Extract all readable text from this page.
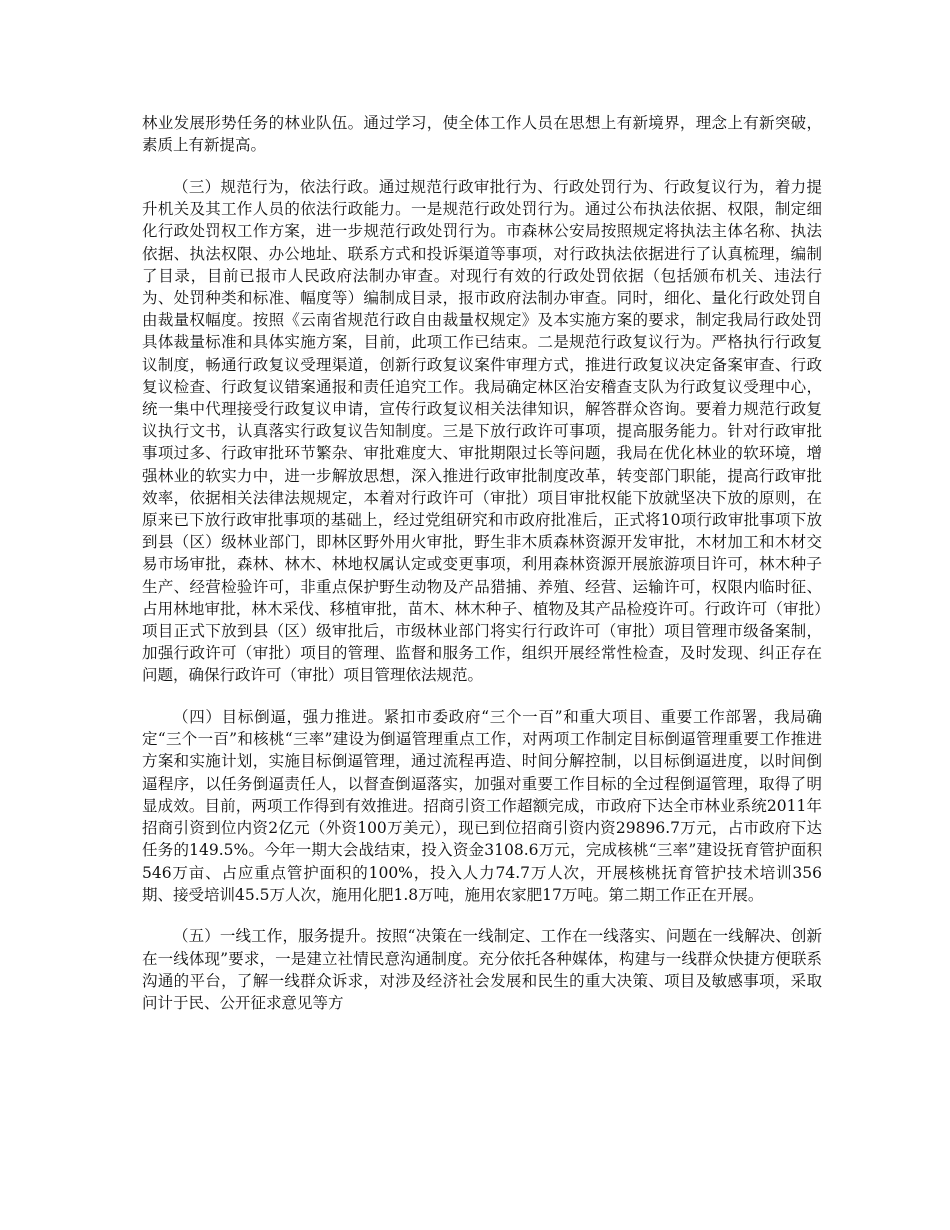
林业发展形势任务的林业队伍。通过学习，使全体工作人员在思想上有新境界，理念上有新突破，素质上有新提高。

（三）规范行为，依法行政。通过规范行政审批行为、行政处罚行为、行政复议行为，着力提升机关及其工作人员的依法行政能力。一是规范行政处罚行为。通过公布执法依据、权限，制定细化行政处罚权工作方案，进一步规范行政处罚行为。市森林公安局按照规定将执法主体名称、执法依据、执法权限、办公地址、联系方式和投诉渠道等事项，对行政执法依据进行了认真梳理，编制了目录，目前已报市人民政府法制办审查。对现行有效的行政处罚依据（包括颁布机关、违法行为、处罚种类和标准、幅度等）编制成目录，报市政府法制办审查。同时，细化、量化行政处罚自由裁量权幅度。按照《云南省规范行政自由裁量权规定》及本实施方案的要求，制定我局行政处罚具体裁量标准和具体实施方案，目前，此项工作已结束。二是规范行政复议行为。严格执行行政复议制度，畅通行政复议受理渠道，创新行政复议案件审理方式，推进行政复议决定备案审查、行政复议检查、行政复议错案通报和责任追究工作。我局确定林区治安稽查支队为行政复议受理中心，统一集中代理接受行政复议申请，宣传行政复议相关法律知识，解答群众咨询。要着力规范行政复议执行文书，认真落实行政复议告知制度。三是下放行政许可事项，提高服务能力。针对行政审批事项过多、行政审批环节繁杂、审批难度大、审批期限过长等问题，我局在优化林业的软环境，增强林业的软实力中，进一步解放思想，深入推进行政审批制度改革，转变部门职能，提高行政审批效率，依据相关法律法规规定，本着对行政许可（审批）项目审批权能下放就坚决下放的原则，在原来已下放行政审批事项的基础上，经过党组研究和市政府批准后，正式将10项行政审批事项下放到县（区）级林业部门，即林区野外用火审批，野生非木质森林资源开发审批，木材加工和木材交易市场审批，森林、林木、林地权属认定或变更事项，利用森林资源开展旅游项目许可，林木种子生产、经营检验许可，非重点保护野生动物及产品猎捕、养殖、经营、运输许可，权限内临时征、占用林地审批，林木采伐、移植审批，苗木、林木种子、植物及其产品检疫许可。行政许可（审批）项目正式下放到县（区）级审批后，市级林业部门将实行行政许可（审批）项目管理市级备案制，加强行政许可（审批）项目的管理、监督和服务工作，组织开展经常性检查，及时发现、纠正存在问题，确保行政许可（审批）项目管理依法规范。

（四）目标倒逼，强力推进。紧扣市委政府“三个一百”和重大项目、重要工作部署，我局确定“三个一百”和核桃“三率”建设为倒逼管理重点工作，对两项工作制定目标倒逼管理重要工作推进方案和实施计划，实施目标倒逼管理，通过流程再造、时间分解控制，以目标倒逼进度，以时间倒逼程序，以任务倒逼责任人，以督查倒逼落实，加强对重要工作目标的全过程倒逼管理，取得了明显成效。目前，两项工作得到有效推进。招商引资工作超额完成，市政府下达全市林业系统2011年招商引资到位内资2亿元（外资100万美元），现已到位招商引资内资29896.7万元，占市政府下达任务的149.5%。今年一期大会战结束，投入资金3108.6万元，完成核桃“三率”建设抚育管护面积546万亩、占应重点管护面积的100%，投入人力74.7万人次，开展核桃抚育管护技术培训356期、接受培训45.5万人次，施用化肥1.8万吨，施用农家肥17万吨。第二期工作正在开展。

（五）一线工作，服务提升。按照“决策在一线制定、工作在一线落实、问题在一线解决、创新在一线体现”要求，一是建立社情民意沟通制度。充分依托各种媒体，构建与一线群众快捷方便联系沟通的平台，了解一线群众诉求，对涉及经济社会发展和民生的重大决策、项目及敏感事项，采取问计于民、公开征求意见等方
